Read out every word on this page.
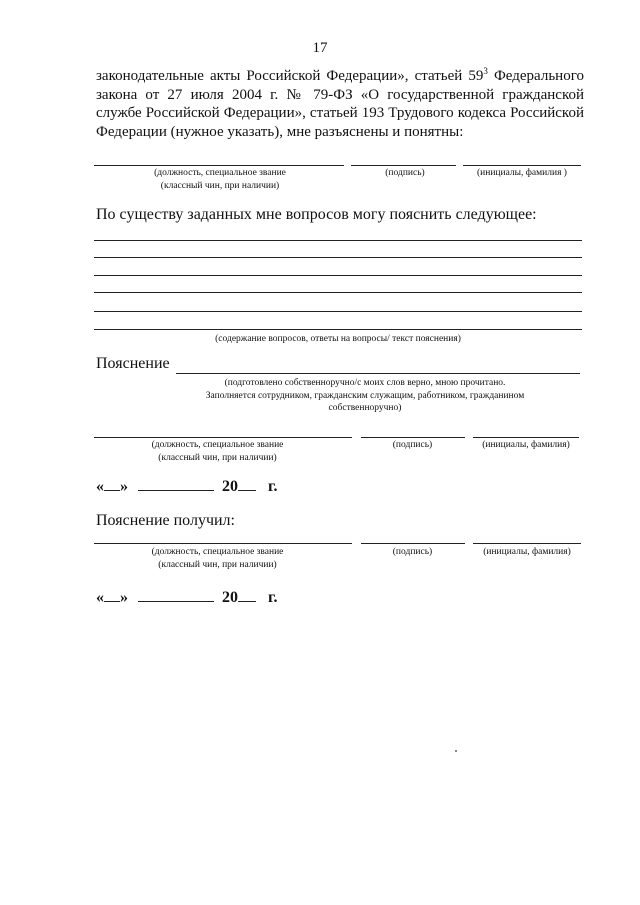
17

законодательные акты Российской Федерации», статьей $59^3$ Федерального закона от 27 июля 2004 г. № 79-ФЗ «О государственной гражданской службе Российской Федерации», статьей 193 Трудового кодекса Российской Федерации (нужное указать), мне разъяснены и понятны:

(должность, специальное звание
(классный чин, при наличии)
(подпись)	(инициалы, фамилия )
По существу заданных мне вопросов могу пояснить следующее:
(содержание вопросов, ответы на вопросы/ текст пояснения)
Пояснение
(подготовлено собственноручно/с моих слов верно, мною прочитано.
Заполняется сотрудником, гражданским служащим, работником, гражданином
собственноручно)
(должность, специальное звание
(классный чин, при наличии)
(подпись)	(инициалы, фамилия)
« »	20 г.
Пояснение получил:
(должность, специальное звание
(классный чин, при наличии)
(подпись)	(инициалы, фамилия)
« »	20 г.
